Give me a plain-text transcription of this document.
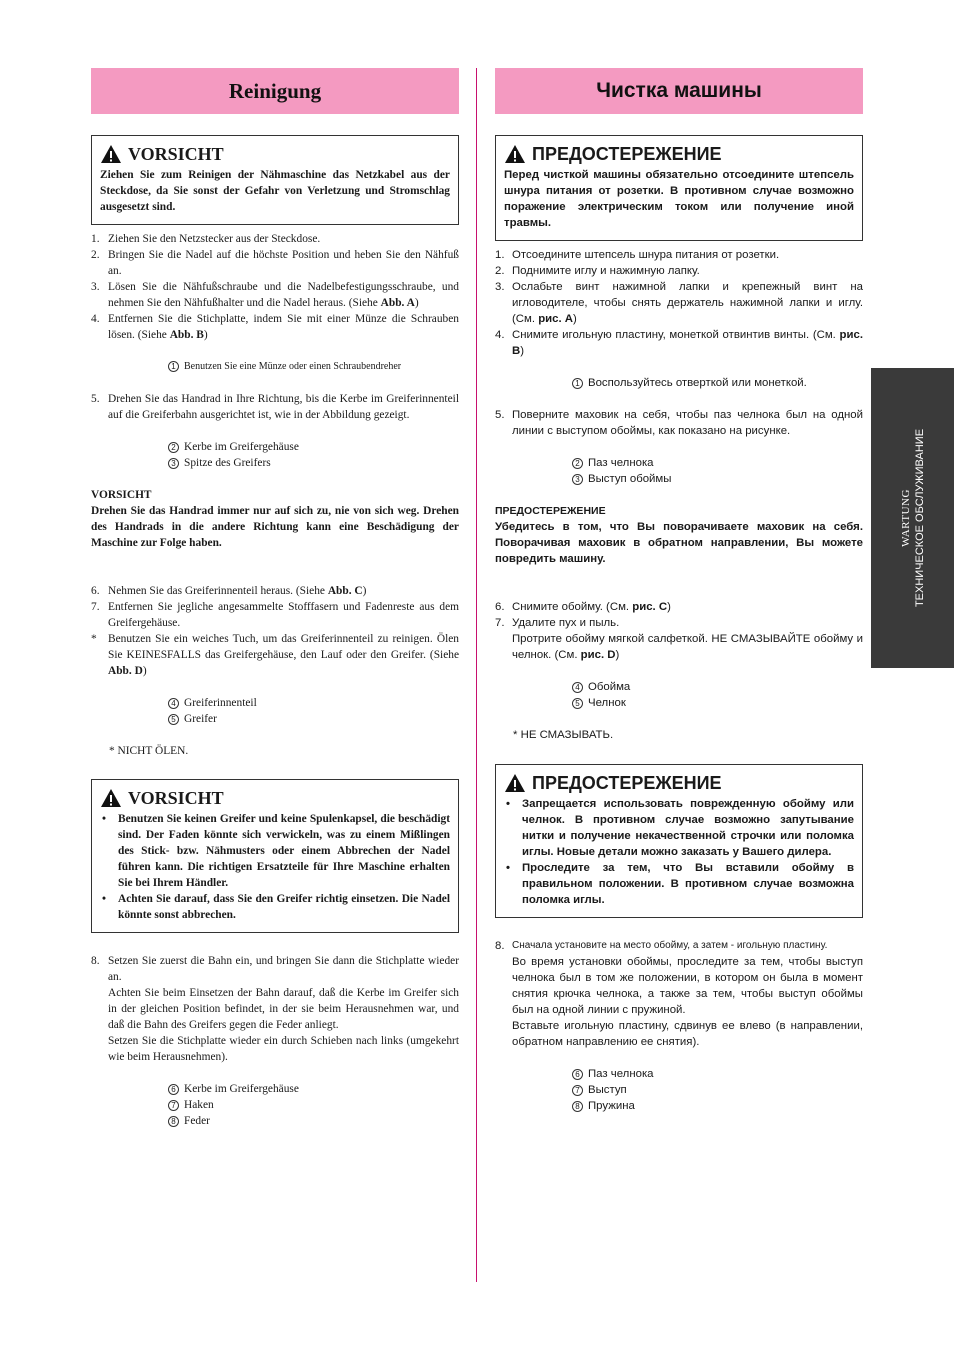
Reinigung
VORSICHT
Ziehen Sie zum Reinigen der Nähmaschine das Netzkabel aus der Steckdose, da Sie sonst der Gefahr von Verletzung und Stromschlag ausgesetzt sind.
1. Ziehen Sie den Netzstecker aus der Steckdose.
2. Bringen Sie die Nadel auf die höchste Position und heben Sie den Nähfuß an.
3. Lösen Sie die Nähfußschraube und die Nadelbefestigungsschraube, und nehmen Sie den Nähfußhalter und die Nadel heraus. (Siehe Abb. A)
4. Entfernen Sie die Stichplatte, indem Sie mit einer Münze die Schrauben lösen. (Siehe Abb. B)
1 Benutzen Sie eine Münze oder einen Schraubendreher
5. Drehen Sie das Handrad in Ihre Richtung, bis die Kerbe im Greiferinnenteil auf die Greiferbahn ausgerichtet ist, wie in der Abbildung gezeigt.
2 Kerbe im Greifergehäuse
3 Spitze des Greifers
VORSICHT
Drehen Sie das Handrad immer nur auf sich zu, nie von sich weg. Drehen des Handrads in die andere Richtung kann eine Beschädigung der Maschine zur Folge haben.
6. Nehmen Sie das Greiferinnenteil heraus. (Siehe Abb. C)
7. Entfernen Sie jegliche angesammelte Stofffasern und Fadenreste aus dem Greifergehäuse.
* Benutzen Sie ein weiches Tuch, um das Greiferinnenteil zu reinigen. Ölen Sie KEINESFALLS das Greifergehäuse, den Lauf oder den Greifer. (Siehe Abb. D)
4 Greiferinnenteil
5 Greifer
* NICHT ÖLEN.
VORSICHT
• Benutzen Sie keinen Greifer und keine Spulenkapsel, die beschädigt sind. Der Faden könnte sich verwickeln, was zu einem Mißlingen des Stick- bzw. Nähmusters oder einem Abbrechen der Nadel führen kann. Die richtigen Ersatzteile für Ihre Maschine erhalten Sie bei Ihrem Händler.
• Achten Sie darauf, dass Sie den Greifer richtig einsetzen. Die Nadel könnte sonst abbrechen.
8. Setzen Sie zuerst die Bahn ein, und bringen Sie dann die Stichplatte wieder an.
Achten Sie beim Einsetzen der Bahn darauf, daß die Kerbe im Greifer sich in der gleichen Position befindet, in der sie beim Herausnehmen war, und daß die Bahn des Greifers gegen die Feder anliegt.
Setzen Sie die Stichplatte wieder ein durch Schieben nach links (umgekehrt wie beim Herausnehmen).
6 Kerbe im Greifergehäuse
7 Haken
8 Feder
Чистка машины
ПРЕДОСТЕРЕЖЕНИЕ
Перед чисткой машины обязательно отсоедините штепсель шнура питания от розетки. В противном случае возможно поражение электрическим током или получение иной травмы.
1. Отсоедините штепсель шнура питания от розетки.
2. Поднимите иглу и нажимную лапку.
3. Ослабьте винт нажимной лапки и крепежный винт на игловодителе, чтобы снять держатель нажимной лапки и иглу. (См. рис. A)
4. Снимите игольную пластину, монеткой отвинтив винты. (См. рис. B)
1 Воспользуйтесь отверткой или монеткой.
5. Поверните маховик на себя, чтобы паз челнока был на одной линии с выступом обоймы, как показано на рисунке.
2 Паз челнока
3 Выступ обоймы
ПРЕДОСТЕРЕЖЕНИЕ
Убедитесь в том, что Вы поворачиваете маховик на себя. Поворачивая маховик в обратном направлении, Вы можете повредить машину.
6. Снимите обойму. (См. рис. C)
7. Удалите пух и пыль.
Протрите обойму мягкой салфеткой. НЕ СМАЗЫВАЙТЕ обойму и челнок. (См. рис. D)
4 Обойма
5 Челнок
* НЕ СМАЗЫВАТЬ.
ПРЕДОСТЕРЕЖЕНИЕ
• Запрещается использовать поврежденную обойму или челнок. В противном случае возможно запутывание нитки и получение некачественной строчки или поломка иглы. Новые детали можно заказать у Вашего дилера.
• Проследите за тем, что Вы вставили обойму в правильном положении. В противном случае возможна поломка иглы.
8. Сначала установите на место обойму, а затем - игольную пластину.
Во время установки обоймы, проследите за тем, чтобы выступ челнока был в том же положении, в котором он была в момент снятия крючка челнока, а также за тем, чтобы выступ обоймы был на одной линии с пружиной.
Вставьте игольную пластину, сдвинув ее влево (в направлении, обратном направлению ее снятия).
6 Паз челнока
7 Выступ
8 Пружина
WARTUNG ТЕХНИЧЕСКОЕ ОБСЛУЖИВАНИЕ
